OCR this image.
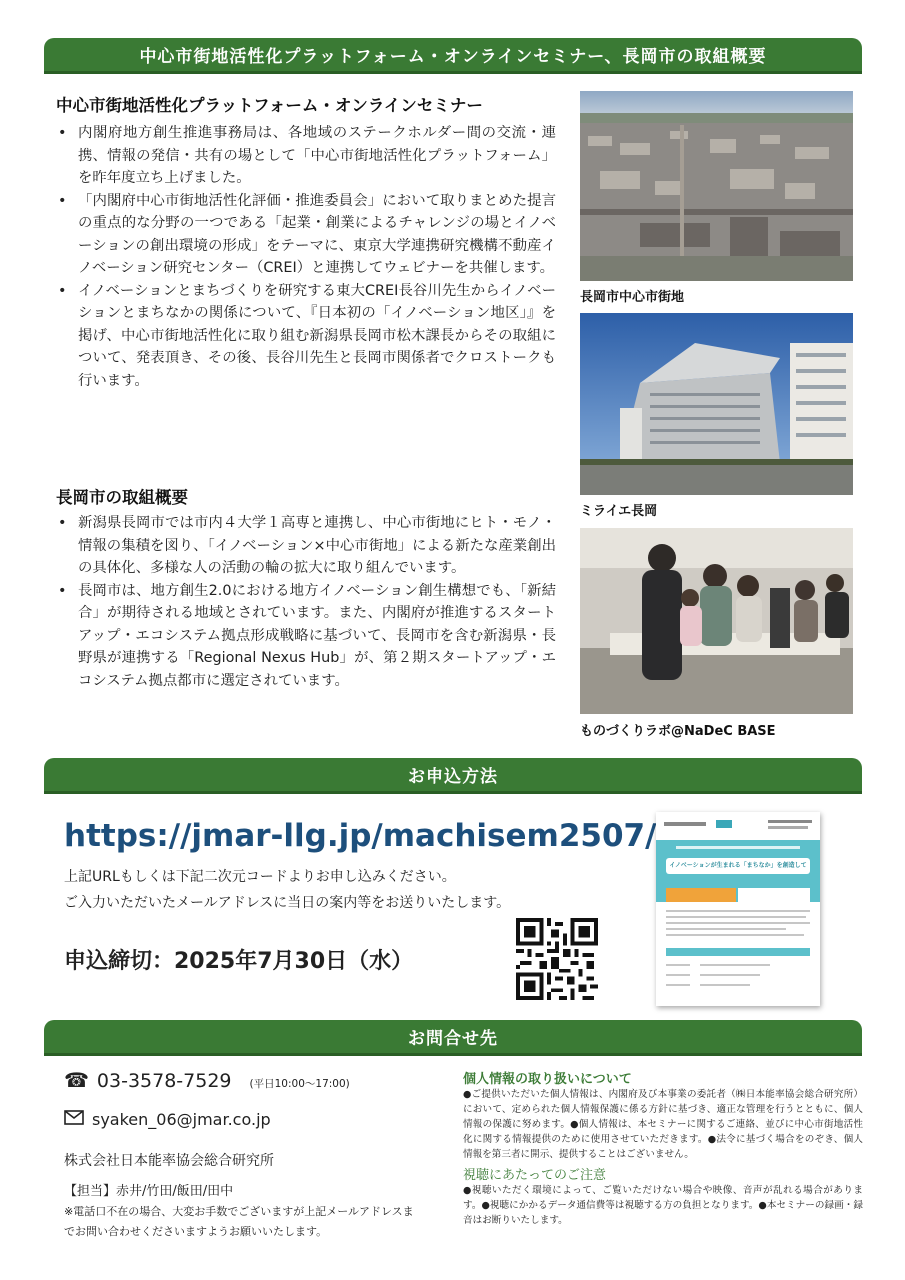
中心市街地活性化プラットフォーム・オンラインセミナー、長岡市の取組概要
中心市街地活性化プラットフォーム・オンラインセミナー
• 内閣府地方創生推進事務局は、各地域のステークホルダー間の交流・連携、情報の発信・共有の場として「中心市街地活性化プラットフォーム」を昨年度立ち上げました。
• 「内閣府中心市街地活性化評価・推進委員会」において取りまとめた提言の重点的な分野の一つである「起業・創業によるチャレンジの場とイノベーションの創出環境の形成」をテーマに、東京大学連携研究機構不動産イノベーション研究センター（CREI）と連携してウェビナーを共催します。
• イノベーションとまちづくりを研究する東大CREI長谷川先生からイノベーションとまちなかの関係について、『日本初の「イノベーション地区」』を掲げ、中心市街地活性化に取り組む新潟県長岡市松木課長からその取組について、発表頂き、その後、長谷川先生と長岡市関係者でクロストークも行います。
長岡市の取組概要
• 新潟県長岡市では市内４大学１高専と連携し、中心市街地にヒト・モノ・情報の集積を図り、「イノベーション×中心市街地」による新たな産業創出の具体化、多様な人の活動の輪の拡大に取り組んでいます。
• 長岡市は、地方創生2.0における地方イノベーション創生構想でも、「新結合」が期待される地域とされています。また、内閣府が推進するスタートアップ・エコシステム拠点形成戦略に基づいて、長岡市を含む新潟県・長野県が連携する「Regional Nexus Hub」が、第２期スタートアップ・エコシステム拠点都市に選定されています。
長岡市中心市街地
ミライエ長岡
ものづくりラボ@NaDeC BASE
お申込方法
https://jmar-llg.jp/machisem2507/
上記URLもしくは下記二次元コードよりお申し込みください。
ご入力いただいたメールアドレスに当日の案内等をお送りいたします。
申込締切：2025年7月30日（水）
イノベーションが生まれる「まちなか」を創造して
お問合せ先
☎ 03-3578-7529 (平日10:00～17:00)
syaken_06@jmar.co.jp
株式会社日本能率協会総合研究所
【担当】赤井/竹田/飯田/田中
※電話口不在の場合、大変お手数でございますが上記メールアドレスまでお問い合わせくださいますようお願いいたします。
個人情報の取り扱いについて
●ご提供いただいた個人情報は、内閣府及び本事業の委託者（㈱日本能率協会総合研究所）において、定められた個人情報保護に係る方針に基づき、適正な管理を行うとともに、個人情報の保護に努めます。●個人情報は、本セミナーに関するご連絡、並びに中心市街地活性化に関する情報提供のために使用させていただきます。●法令に基づく場合をのぞき、個人情報を第三者に開示、提供することはございません。
視聴にあたってのご注意
●視聴いただく環境によって、ご覧いただけない場合や映像、音声が乱れる場合があります。●視聴にかかるデータ通信費等は視聴する方の負担となります。●本セミナーの録画・録音はお断りいたします。
